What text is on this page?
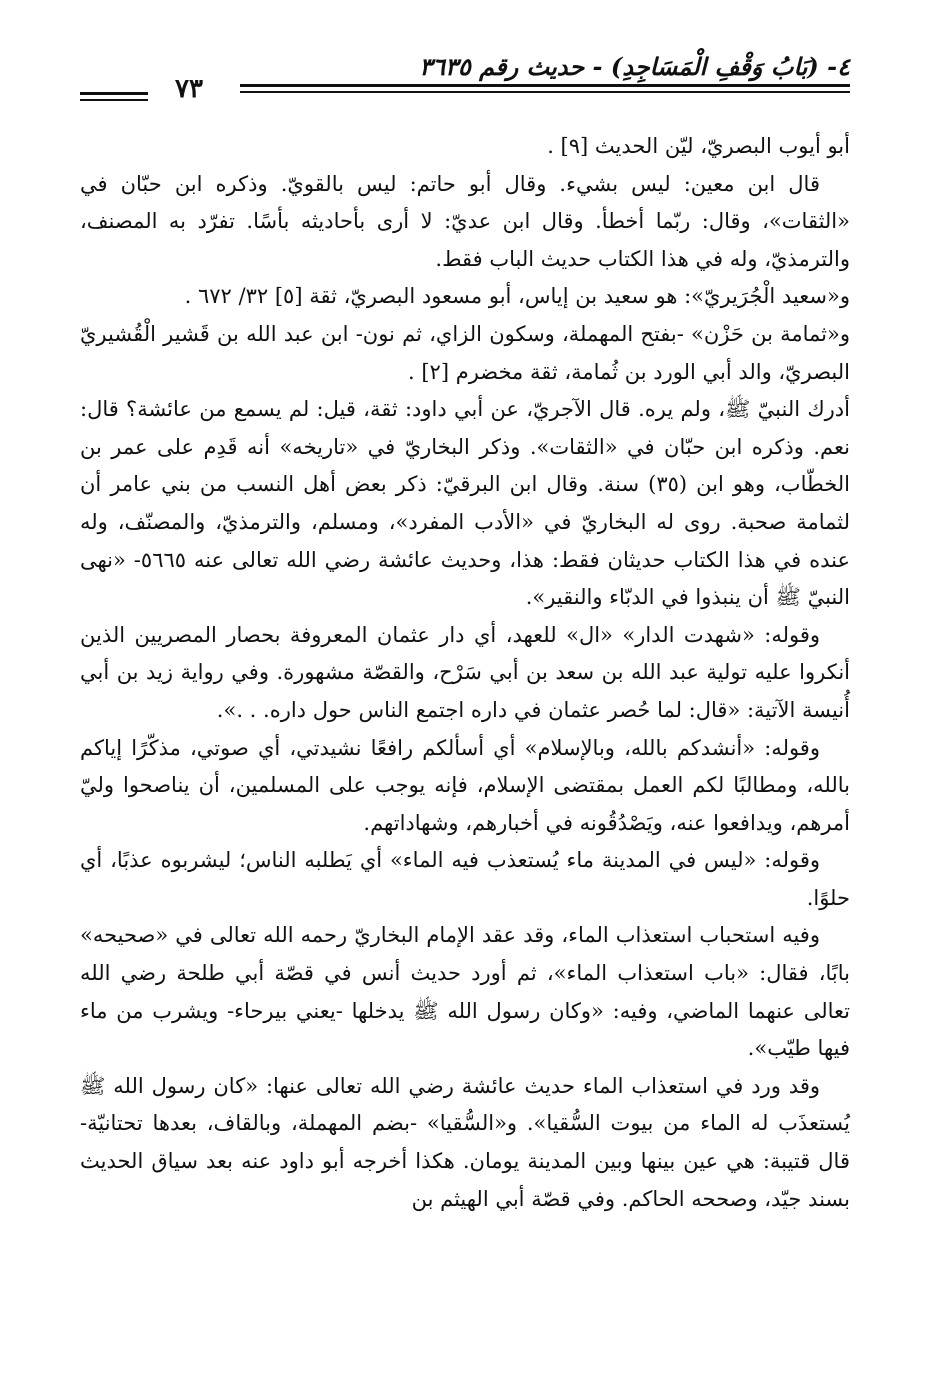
٤- (بَابُ وَقْفِ الْمَسَاجِدِ) - حديث رقم ٣٦٣٥
٧٣

أبو أيوب البصريّ، ليّن الحديث [٩] .

قال ابن معين: ليس بشيء. وقال أبو حاتم: ليس بالقويّ. وذكره ابن حبّان في «الثقات»، وقال: ربّما أخطأ. وقال ابن عديّ: لا أرى بأحاديثه بأسًا. تفرّد به المصنف، والترمذيّ، وله في هذا الكتاب حديث الباب فقط.

و«سعيد الْجُرَيريّ»: هو سعيد بن إياس، أبو مسعود البصريّ، ثقة [٥] ٣٢/ ٦٧٢ .

و«ثمامة بن حَزْن» -بفتح المهملة، وسكون الزاي، ثم نون- ابن عبد الله بن قَشير الْقُشيريّ البصريّ، والد أبي الورد بن ثُمامة، ثقة مخضرم [٢] .

أدرك النبيّ ﷺ، ولم يره. قال الآجريّ، عن أبي داود: ثقة، قيل: لم يسمع من عائشة؟ قال: نعم. وذكره ابن حبّان في «الثقات». وذكر البخاريّ في «تاريخه» أنه قَدِم على عمر بن الخطّاب، وهو ابن (٣٥) سنة. وقال ابن البرقيّ: ذكر بعض أهل النسب من بني عامر أن لثمامة صحبة. روى له البخاريّ في «الأدب المفرد»، ومسلم، والترمذيّ، والمصنّف، وله عنده في هذا الكتاب حديثان فقط: هذا، وحديث عائشة رضي الله تعالى عنه ٥٦٦٥- «نهى النبيّ ﷺ أن ينبذوا في الدبّاء والنقير».

وقوله: «شهدت الدار» «ال» للعهد، أي دار عثمان المعروفة بحصار المصريين الذين أنكروا عليه تولية عبد الله بن سعد بن أبي سَرْح، والقصّة مشهورة. وفي رواية زيد بن أبي أُنيسة الآتية: «قال: لما حُصر عثمان في داره اجتمع الناس حول داره. . .».

وقوله: «أنشدكم بالله، وبالإسلام» أي أسألكم رافعًا نشيدتي، أي صوتي، مذكّرًا إياكم بالله، ومطالبًا لكم العمل بمقتضى الإسلام، فإنه يوجب على المسلمين، أن يناصحوا وليّ أمرهم، ويدافعوا عنه، ويَصْدُقُونه في أخبارهم، وشهاداتهم.

وقوله: «ليس في المدينة ماء يُستعذب فيه الماء» أي يَطلبه الناس؛ ليشربوه عذبًا، أي حلوًا.

وفيه استحباب استعذاب الماء، وقد عقد الإمام البخاريّ رحمه الله تعالى في «صحيحه» بابًا، فقال: «باب استعذاب الماء»، ثم أورد حديث أنس في قصّة أبي طلحة رضي الله تعالى عنهما الماضي، وفيه: «وكان رسول الله ﷺ يدخلها -يعني بيرحاء- ويشرب من ماء فيها طيّب».

وقد ورد في استعذاب الماء حديث عائشة رضي الله تعالى عنها: «كان رسول الله ﷺ يُستعذَب له الماء من بيوت السُّقيا». و«السُّقيا» -بضم المهملة، وبالقاف، بعدها تحتانيّة- قال قتيبة: هي عين بينها وبين المدينة يومان. هكذا أخرجه أبو داود عنه بعد سياق الحديث بسند جيّد، وصححه الحاكم. وفي قصّة أبي الهيثم بن
